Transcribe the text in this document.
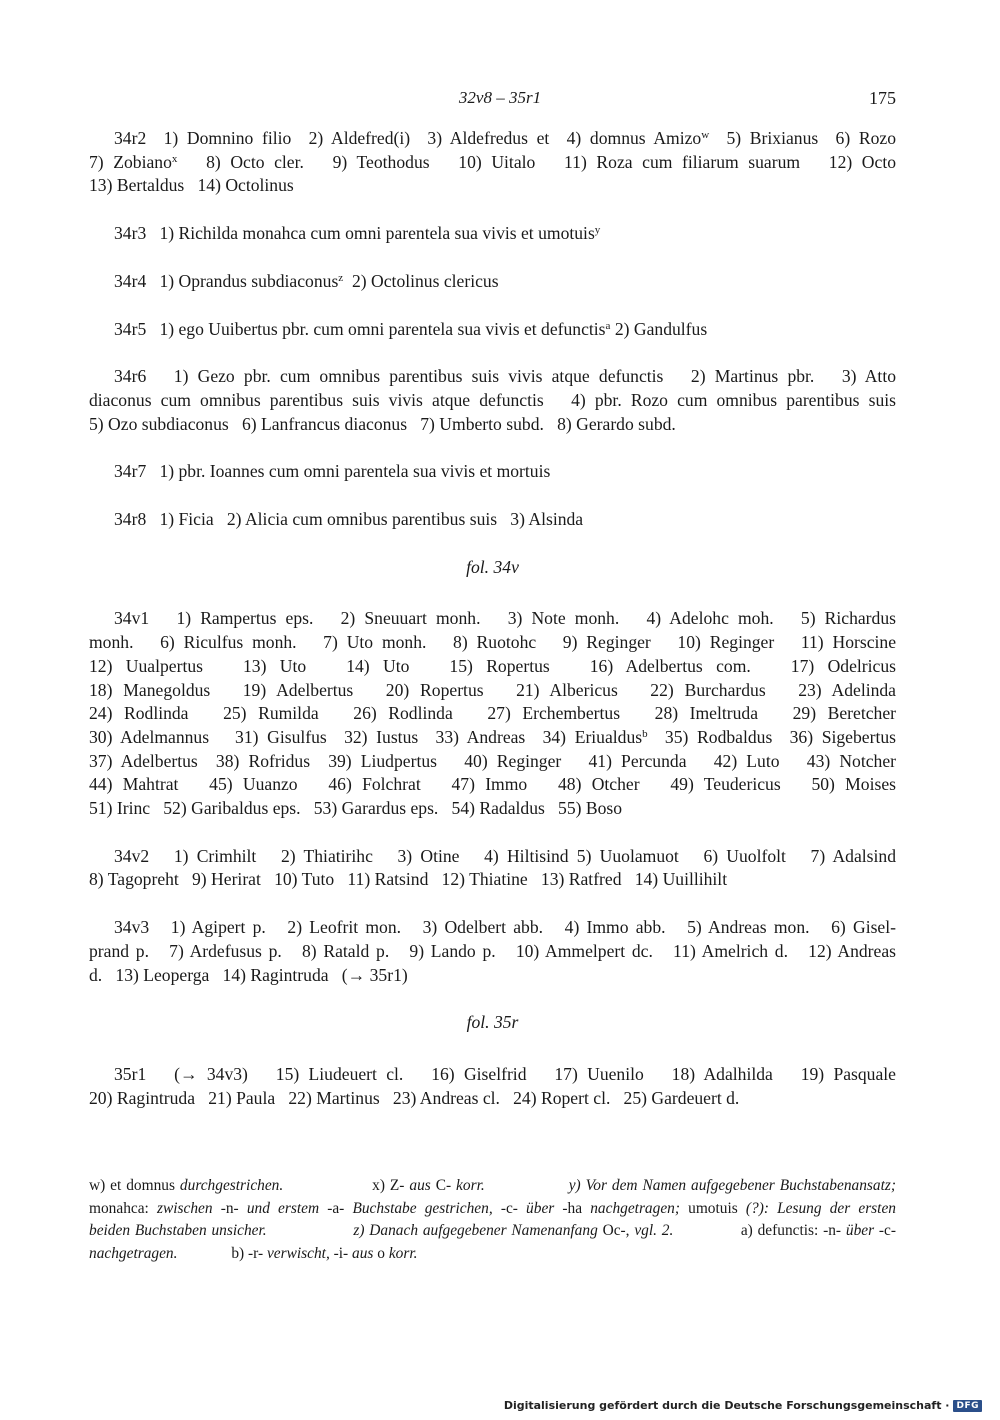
32v8 – 35r1	175
34r2  1) Domnino filio  2) Aldefred(i)  3) Aldefredus et  4) domnus Amizo$^w$  5) Brixianus  6) Rozo
7) Zobiano$^x$   8) Octo cler.   9) Teothodus   10) Uitalo   11) Roza cum filiarum suarum   12) Octo
13) Bertaldus   14) Octolinus
34r3   1) Richilda monahca cum omni parentela sua vivis et umotuis$^y$
34r4   1) Oprandus subdiaconus$^z$  2) Octolinus clericus
34r5   1) ego Uuibertus pbr. cum omni parentela sua vivis et defunctis$^a$ 2) Gandulfus
34r6   1) Gezo pbr. cum omnibus parentibus suis vivis atque defunctis   2) Martinus pbr.   3) Atto
diaconus cum omnibus parentibus suis vivis atque defunctis   4) pbr. Rozo cum omnibus parentibus suis
5) Ozo subdiaconus   6) Lanfrancus diaconus   7) Umberto subd.   8) Gerardo subd.
34r7   1) pbr. Ioannes cum omni parentela sua vivis et mortuis
34r8   1) Ficia   2) Alicia cum omnibus parentibus suis   3) Alsinda
fol. 34v
34v1   1) Rampertus eps.   2) Sneuuart monh.   3) Note monh.   4) Adelohc moh.   5) Richardus
monh.   6) Riculfus monh.   7) Uto monh.   8) Ruotohc   9) Reginger   10) Reginger   11) Horscine
12) Uualpertus   13) Uto   14) Uto   15) Ropertus   16) Adelbertus com.   17) Odelricus
18) Manegoldus   19) Adelbertus   20) Ropertus   21) Albericus   22) Burchardus   23) Adelinda
24) Rodlinda   25) Rumilda   26) Rodlinda   27) Erchembertus   28) Imeltruda   29) Beretcher
30) Adelmannus   31) Gisulfus  32) Iustus  33) Andreas  34) Eriualdus$^b$  35) Rodbaldus  36) Sigebertus
37) Adelbertus  38) Rofridus  39) Liudpertus   40) Reginger   41) Percunda   42) Luto   43) Notcher
44) Mahtrat   45) Uuanzo   46) Folchrat   47) Immo   48) Otcher   49) Teudericus   50) Moises
51) Irinc   52) Garibaldus eps.   53) Garardus eps.   54) Radaldus   55) Boso
34v2   1) Crimhilt   2) Thiatirihc   3) Otine   4) Hiltisind 5) Uuolamuot   6) Uuolfolt   7) Adalsind
8) Tagopreht   9) Herirat   10) Tuto   11) Ratsind   12) Thiatine   13) Ratfred   14) Uuillihilt
34v3   1) Agipert p.   2) Leofrit mon.   3) Odelbert abb.   4) Immo abb.   5) Andreas mon.   6) Gisel-
prand p.   7) Ardefusus p.   8) Ratald p.   9) Lando p.   10) Ammelpert dc.   11) Amelrich d.   12) Andreas
d.   13) Leoperga   14) Ragintruda   (→ 35r1)
fol. 35r
35r1   (→ 34v3)   15) Liudeuert cl.   16) Giselfrid   17) Uuenilo   18) Adalhilda   19) Pasquale
20) Ragintruda   21) Paula   22) Martinus   23) Andreas cl.   24) Ropert cl.   25) Gardeuert d.
w) et domnus durchgestrichen.	x) Z- aus C- korr.	y) Vor dem Namen aufgegebener Buchstabenansatz;
monahca: zwischen -n- und erstem -a- Buchstabe gestrichen, -c- über -ha nachgetragen; umotuis (?): Lesung der ersten
beiden Buchstaben unsicher.	z) Danach aufgegebener Namenanfang Oc-, vgl. 2.	a) defunctis: -n- über -c-
nachgetragen.	b) -r- verwischt, -i- aus o korr.
Digitalisierung gefördert durch die Deutsche Forschungsgemeinschaft · DFG
